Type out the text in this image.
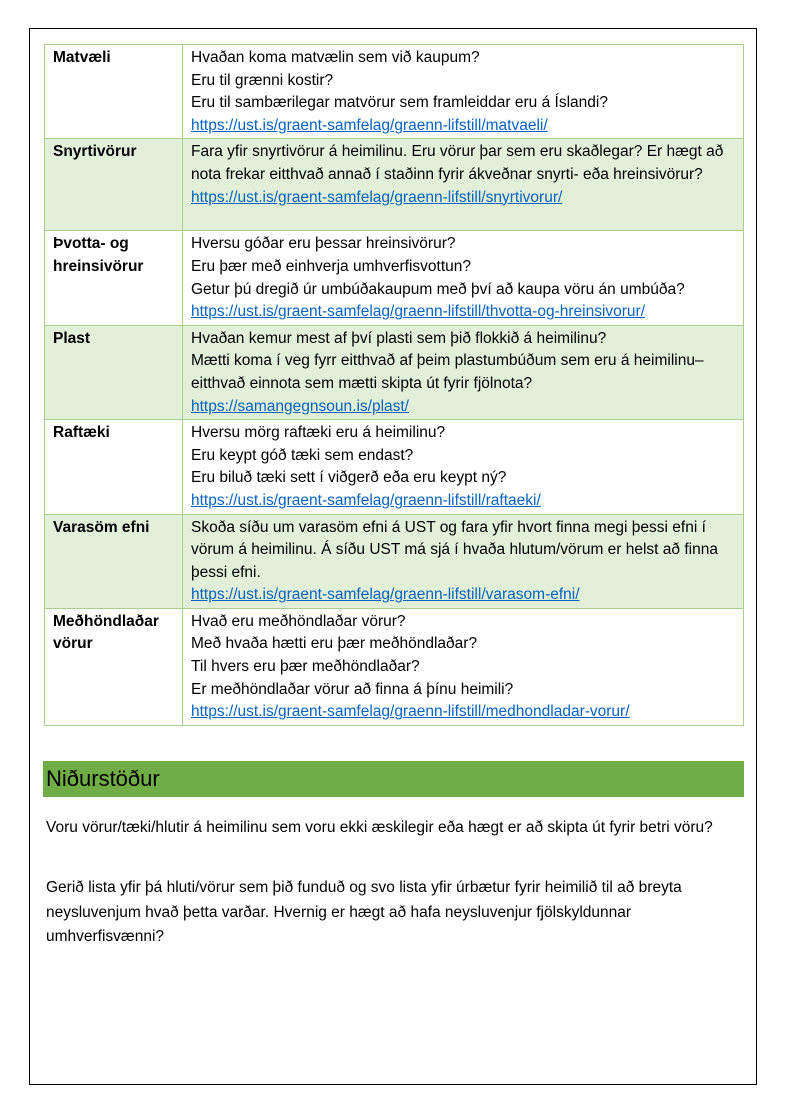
Matvæli	Hvaðan koma matvælin sem við kaupum?
Eru til grænni kostir?
Eru til sambærilegar matvörur sem framleiddar eru á Íslandi?
https://ust.is/graent-samfelag/graenn-lifstill/matvaeli/

Snyrtivörur	Fara yfir snyrtivörur á heimilinu. Eru vörur þar sem eru skaðlegar? Er hægt að nota frekar eitthvað annað í staðinn fyrir ákveðnar snyrti- eða hreinsivörur?
https://ust.is/graent-samfelag/graenn-lifstill/snyrtivorur/

Þvotta- og hreinsivörur	Hversu góðar eru þessar hreinsivörur?
Eru þær með einhverja umhverfisvottun?
Getur þú dregið úr umbúðakaupum með því að kaupa vöru án umbúða?
https://ust.is/graent-samfelag/graenn-lifstill/thvotta-og-hreinsivorur/

Plast	Hvaðan kemur mest af því plasti sem þið flokkið á heimilinu?
Mætti koma í veg fyrr eitthvað af þeim plastumbúðum sem eru á heimilinu– eitthvað einnota sem mætti skipta út fyrir fjölnota?
https://samangegnsoun.is/plast/

Raftæki	Hversu mörg raftæki eru á heimilinu?
Eru keypt góð tæki sem endast?
Eru biluð tæki sett í viðgerð eða eru keypt ný?
https://ust.is/graent-samfelag/graenn-lifstill/raftaeki/

Varasöm efni	Skoða síðu um varasöm efni á UST og fara yfir hvort finna megi þessi efni í vörum á heimilinu. Á síðu UST má sjá í hvaða hlutum/vörum er helst að finna þessi efni.
https://ust.is/graent-samfelag/graenn-lifstill/varasom-efni/

Meðhöndlaðar vörur	Hvað eru meðhöndlaðar vörur?
Með hvaða hætti eru þær meðhöndlaðar?
Til hvers eru þær meðhöndlaðar?
Er meðhöndlaðar vörur að finna á þínu heimili?
https://ust.is/graent-samfelag/graenn-lifstill/medhondladar-vorur/
Niðurstöður

Voru vörur/tæki/hlutir á heimilinu sem voru ekki æskilegir eða hægt er að skipta út fyrir betri vöru?

Gerið lista yfir þá hluti/vörur sem þið funduð og svo lista yfir úrbætur fyrir heimilið til að breyta neysluvenjum hvað þetta varðar. Hvernig er hægt að hafa neysluvenjur fjölskyldunnar umhverfisvænni?
